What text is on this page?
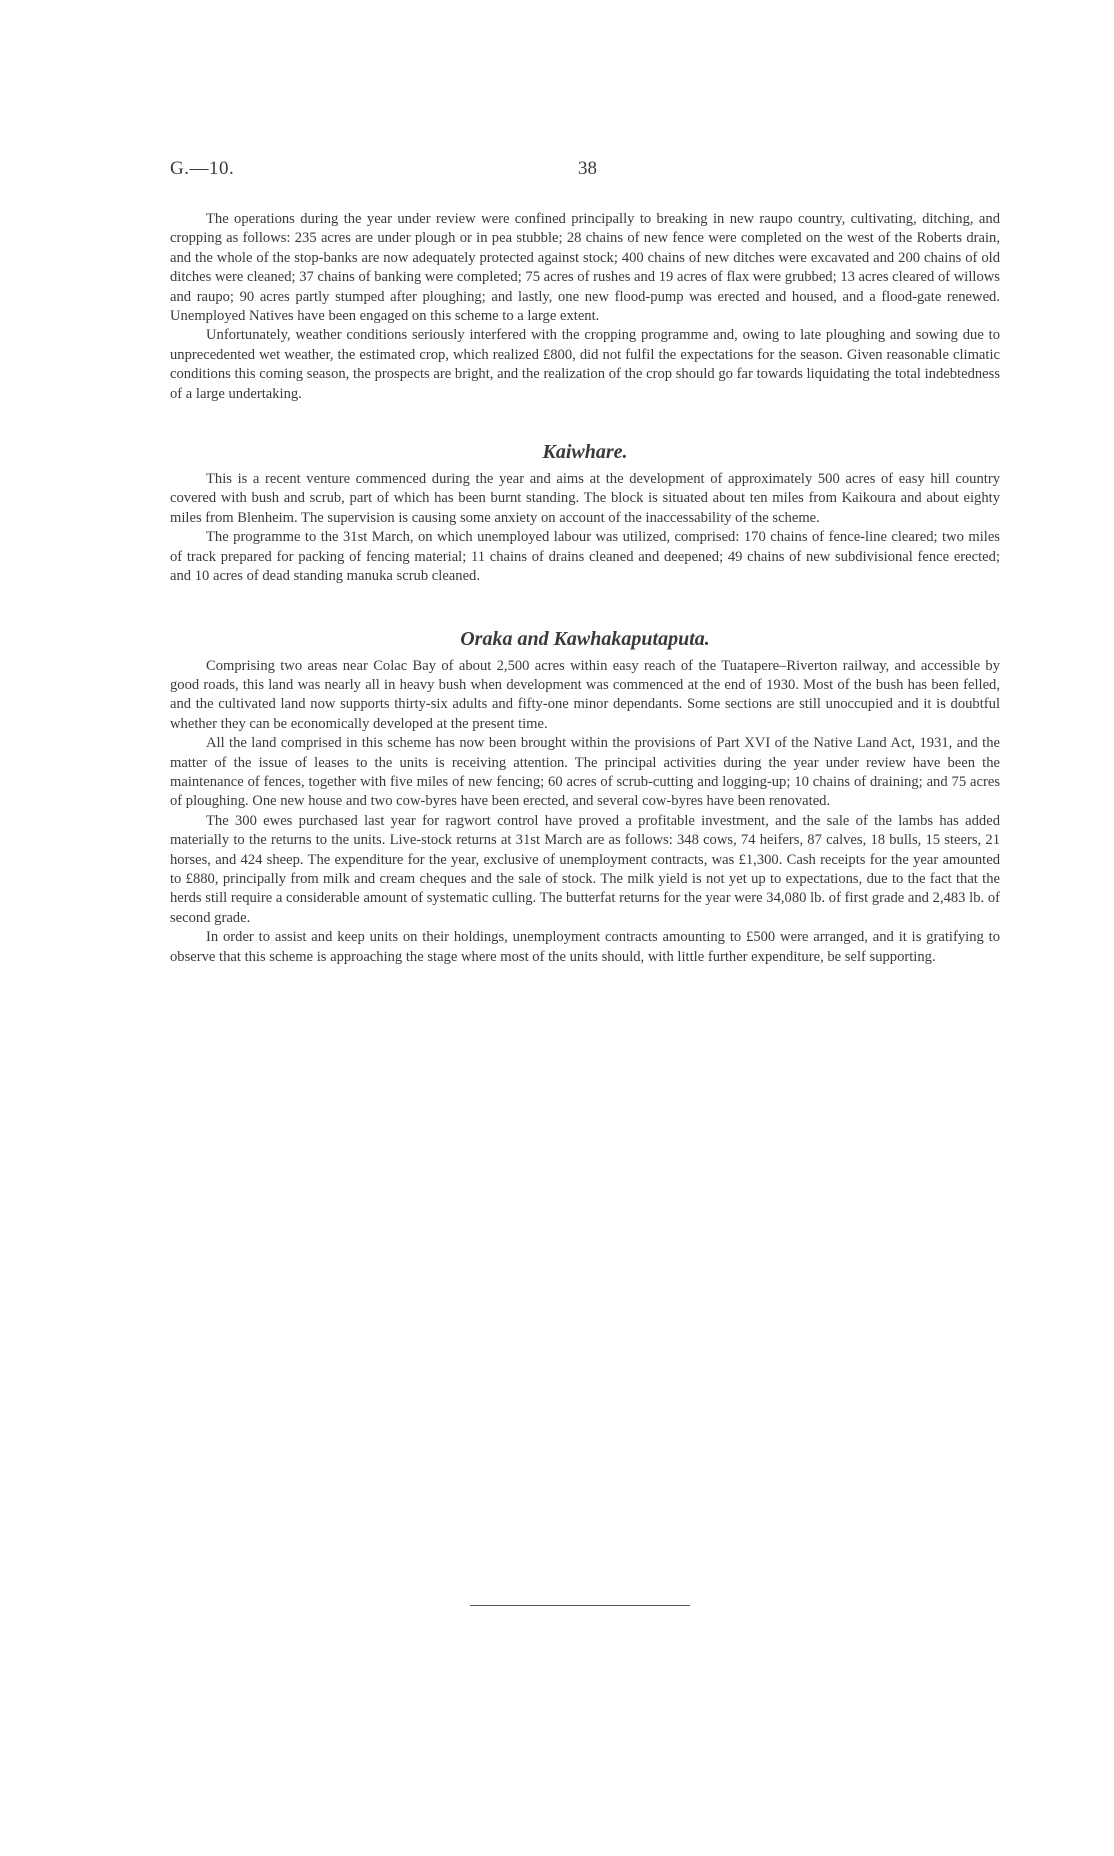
G.—10.	38

The operations during the year under review were confined principally to breaking in new raupo country, cultivating, ditching, and cropping as follows: 235 acres are under plough or in pea stubble; 28 chains of new fence were completed on the west of the Roberts drain, and the whole of the stop-banks are now adequately protected against stock; 400 chains of new ditches were excavated and 200 chains of old ditches were cleaned; 37 chains of banking were completed; 75 acres of rushes and 19 acres of flax were grubbed; 13 acres cleared of willows and raupo; 90 acres partly stumped after ploughing; and lastly, one new flood-pump was erected and housed, and a flood-gate renewed. Unemployed Natives have been engaged on this scheme to a large extent.

Unfortunately, weather conditions seriously interfered with the cropping programme and, owing to late ploughing and sowing due to unprecedented wet weather, the estimated crop, which realized £800, did not fulfil the expectations for the season. Given reasonable climatic conditions this coming season, the prospects are bright, and the realization of the crop should go far towards liquidating the total indebtedness of a large undertaking.

Kaiwhare.

This is a recent venture commenced during the year and aims at the development of approximately 500 acres of easy hill country covered with bush and scrub, part of which has been burnt standing. The block is situated about ten miles from Kaikoura and about eighty miles from Blenheim. The supervision is causing some anxiety on account of the inaccessability of the scheme.

The programme to the 31st March, on which unemployed labour was utilized, comprised: 170 chains of fence-line cleared; two miles of track prepared for packing of fencing material; 11 chains of drains cleaned and deepened; 49 chains of new subdivisional fence erected; and 10 acres of dead standing manuka scrub cleaned.

Oraka and Kawhakaputaputa.

Comprising two areas near Colac Bay of about 2,500 acres within easy reach of the Tuatapere–Riverton railway, and accessible by good roads, this land was nearly all in heavy bush when development was commenced at the end of 1930. Most of the bush has been felled, and the cultivated land now supports thirty-six adults and fifty-one minor dependants. Some sections are still unoccupied and it is doubtful whether they can be economically developed at the present time.

All the land comprised in this scheme has now been brought within the provisions of Part XVI of the Native Land Act, 1931, and the matter of the issue of leases to the units is receiving attention. The principal activities during the year under review have been the maintenance of fences, together with five miles of new fencing; 60 acres of scrub-cutting and logging-up; 10 chains of draining; and 75 acres of ploughing. One new house and two cow-byres have been erected, and several cow-byres have been renovated.

The 300 ewes purchased last year for ragwort control have proved a profitable investment, and the sale of the lambs has added materially to the returns to the units. Live-stock returns at 31st March are as follows: 348 cows, 74 heifers, 87 calves, 18 bulls, 15 steers, 21 horses, and 424 sheep. The expenditure for the year, exclusive of unemployment contracts, was £1,300. Cash receipts for the year amounted to £880, principally from milk and cream cheques and the sale of stock. The milk yield is not yet up to expectations, due to the fact that the herds still require a considerable amount of systematic culling. The butterfat returns for the year were 34,080 lb. of first grade and 2,483 lb. of second grade.

In order to assist and keep units on their holdings, unemployment contracts amounting to £500 were arranged, and it is gratifying to observe that this scheme is approaching the stage where most of the units should, with little further expenditure, be self supporting.
